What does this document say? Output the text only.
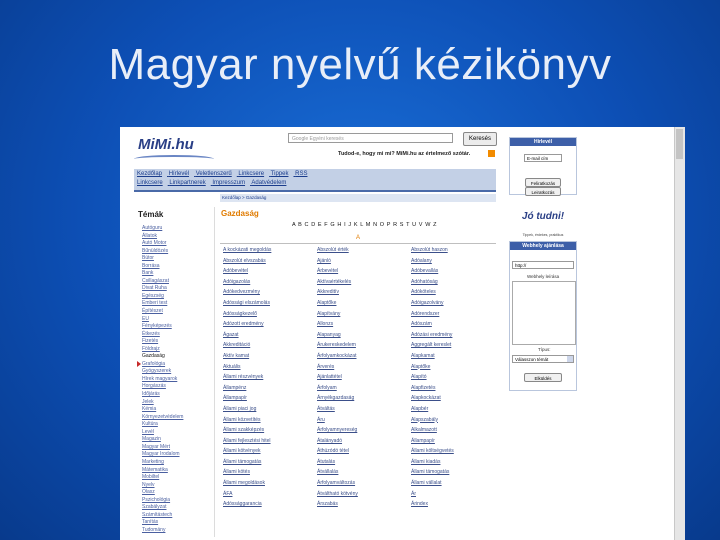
Magyar nyelvű kézikönyv
MiMi.hu	Google Egyéni keresés	Keresés
Tudod-e, hogy mi mi? MiMi.hu az értelmező szótár.
Kezdőlap Hírlevél Veletlenszerű Linkcsere Tippek RSS
Linkcsere Linkpartnerek Impresszum Adatvédelem
Kezdőlap > Gazdaság
Témák
Autóguru
Állatok
Autó Motor
Bűnüldözés
Bútor
Borrása
Bank
Csillagászat
Divat Ruha
Egészség
Emberi test
Építészet
EU
Fényképezés
Étkezés
Fizetés
Földrajz
Gazdaság
Grafológia
Gyógyszerek
Hírek magyarok
Horgászás
Időjárás
Jelek
Kémia
Környezetvédelem
Kultúra
Levél
Magazin
Magyar Mért
Magyar Irodalom
Marketing
Mátematika
Mobiltel
Nyelv
Olasz
Pszichológia
Szabályzat
Számítástech
Tanítás
Tudomány
Gazdaság
A B C D E F G H I J K L M N O P R S T U V W Z
A
A kockázati megoldás
Abszolút elvszabás
Adóbevétel
Adóigazolás
Adókedvezmény
Adóssági elszámolás
Adósságkezelő
Adózott eredmény
Ágazat
Akkreditáció
Aktív kamat
Aktuális
Állami részvények
Állampénz
Állampapír
Állami piaci jog
Állami közvetítés
Állami szakképzés
Állami fejlesztési hitel
Állami kötvények
Állami támogatás
Állami kötés
Állami megoldások
ÁFA
Adóssággarancia
Abszolút érték
Ajánló
Árbevétel
Aktívaértékelés
Akkreditív
Alaptőke
Alapítvány
Allonzs
Alapanyag
Árukereskedelem
Árfolyamkockázat
Árverés
Ajánlattétel
Árfolyam
Árnyékgazdaság
Átváltás
Áru
Árfolyamnyereség
Átalányadó
Áthúzódó tétel
Átutalás
Átvállalás
Árfolyamváltozás
Átváltható kötvény
Árszabás
Abszolút haszon
Adóalany
Adóbevallás
Adóhatóság
Adóköteles
Adóigazolvány
Adórendszer
Adószám
Adózási eredmény
Aggregált kereslet
Alapkamat
Alaptőke
Alapító
Alapfizetés
Alapkockázat
Alapbér
Alapszabály
Alkalmazott
Állampapír
Állami költségvetés
Állami kiadás
Állami támogatás
Állami vállalat
Ár
Árindex
Hírlevél
E-mail cím
Feliratkozás
Leiratkozás
Jó tudni!
Tippek, érdekes, praktikus
Webhely ajánlása
http://
Webhely leírása
Típus:
Válasszon témát
Elküldés
